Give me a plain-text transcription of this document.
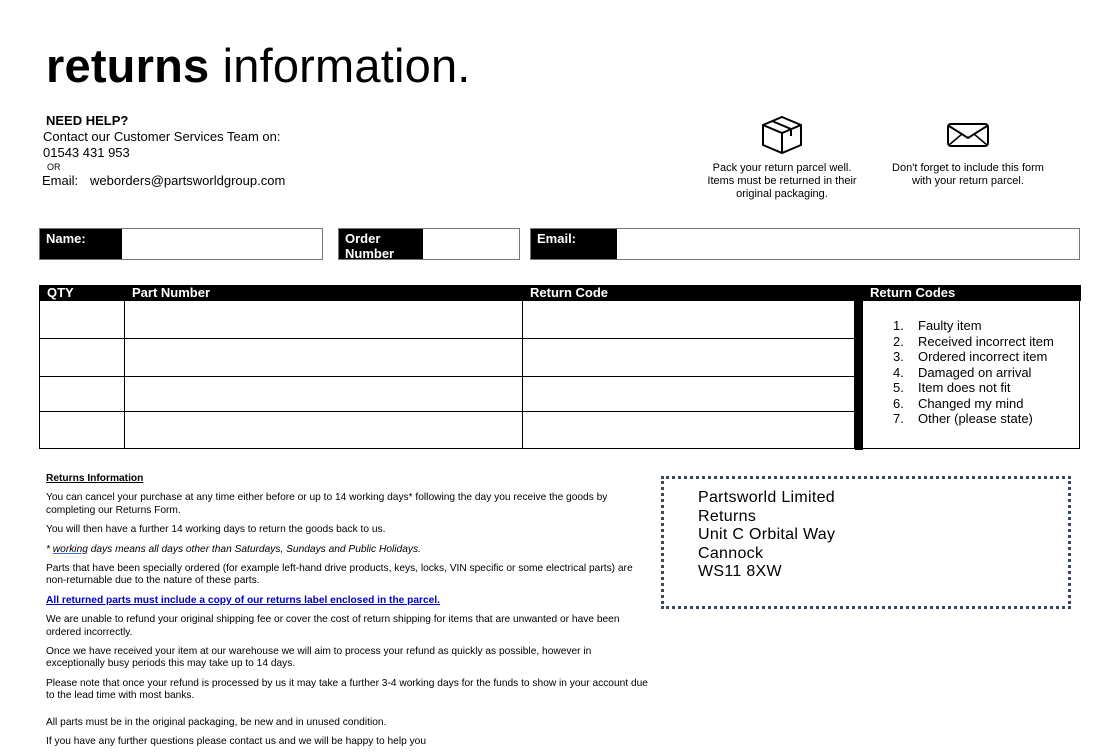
returns information.
NEED HELP?
Contact our Customer Services Team on:
01543 431 953
OR
Email: weborders@partsworldgroup.com
Pack your return parcel well.
Items must be returned in their
original packaging.
Don't forget to include this form
with your return parcel.
Name:	Order
Number
Email:
QTY	Part Number	Return Code	Return Codes
1. Faulty item
2. Received incorrect item
3. Ordered incorrect item
4. Damaged on arrival
5. Item does not fit
6. Changed my mind
7. Other (please state)

Returns Information

You can cancel your purchase at any time either before or up to 14 working days* following the day you receive the goods by completing our Returns Form.

You will then have a further 14 working days to return the goods back to us.

* working days means all days other than Saturdays, Sundays and Public Holidays.

Parts that have been specially ordered (for example left-hand drive products, keys, locks, VIN specific or some electrical parts) are non-returnable due to the nature of these parts.

All returned parts must include a copy of our returns label enclosed in the parcel.

We are unable to refund your original shipping fee or cover the cost of return shipping for items that are unwanted or have been ordered incorrectly.

Once we have received your item at our warehouse we will aim to process your refund as quickly as possible, however in exceptionally busy periods this may take up to 14 days.

Please note that once your refund is processed by us it may take a further 3-4 working days for the funds to show in your account due to the lead time with most banks.

All parts must be in the original packaging, be new and in unused condition.

If you have any further questions please contact us and we will be happy to help you

Partsworld Limited
Returns
Unit C Orbital Way
Cannock
WS11 8XW
